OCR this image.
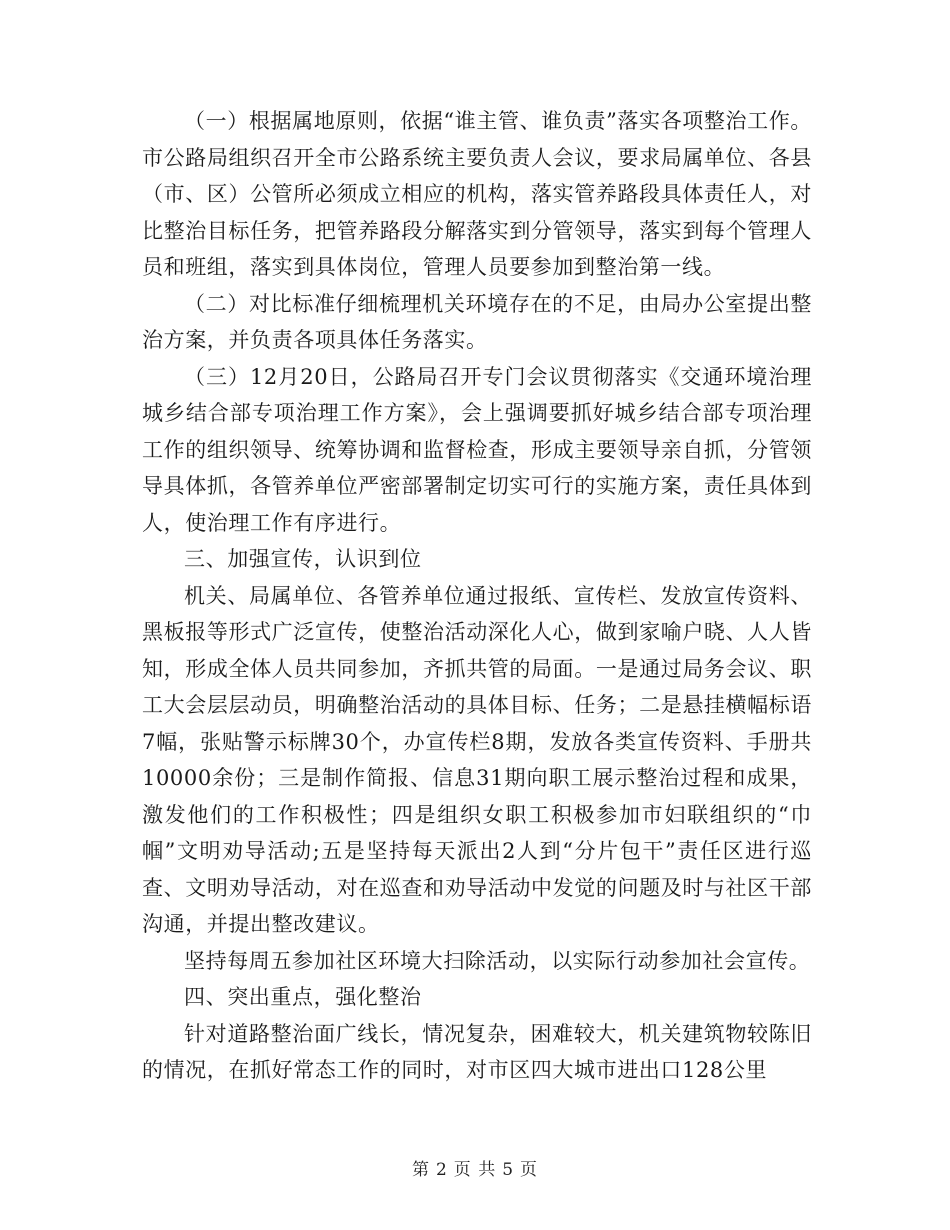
（一）根据属地原则，依据“谁主管、谁负责”落实各项整治工作。市公路局组织召开全市公路系统主要负责人会议，要求局属单位、各县（市、区）公管所必须成立相应的机构，落实管养路段具体责任人，对比整治目标任务，把管养路段分解落实到分管领导，落实到每个管理人员和班组，落实到具体岗位，管理人员要参加到整治第一线。

（二）对比标准仔细梳理机关环境存在的不足，由局办公室提出整治方案，并负责各项具体任务落实。

（三）12月20日，公路局召开专门会议贯彻落实《交通环境治理城乡结合部专项治理工作方案》，会上强调要抓好城乡结合部专项治理工作的组织领导、统筹协调和监督检查，形成主要领导亲自抓，分管领导具体抓，各管养单位严密部署制定切实可行的实施方案，责任具体到人，使治理工作有序进行。

三、加强宣传，认识到位

机关、局属单位、各管养单位通过报纸、宣传栏、发放宣传资料、黑板报等形式广泛宣传，使整治活动深化人心，做到家喻户晓、人人皆知，形成全体人员共同参加，齐抓共管的局面。一是通过局务会议、职工大会层层动员，明确整治活动的具体目标、任务；二是悬挂横幅标语7幅，张贴警示标牌30个，办宣传栏8期，发放各类宣传资料、手册共10000余份；三是制作简报、信息31期向职工展示整治过程和成果，激发他们的工作积极性；四是组织女职工积极参加市妇联组织的“巾帼”文明劝导活动;五是坚持每天派出2人到“分片包干”责任区进行巡查、文明劝导活动，对在巡查和劝导活动中发觉的问题及时与社区干部沟通，并提出整改建议。

坚持每周五参加社区环境大扫除活动，以实际行动参加社会宣传。

四、突出重点，强化整治

针对道路整治面广线长，情况复杂，困难较大，机关建筑物较陈旧的情况，在抓好常态工作的同时，对市区四大城市进出口128公里

第 2 页 共 5 页
